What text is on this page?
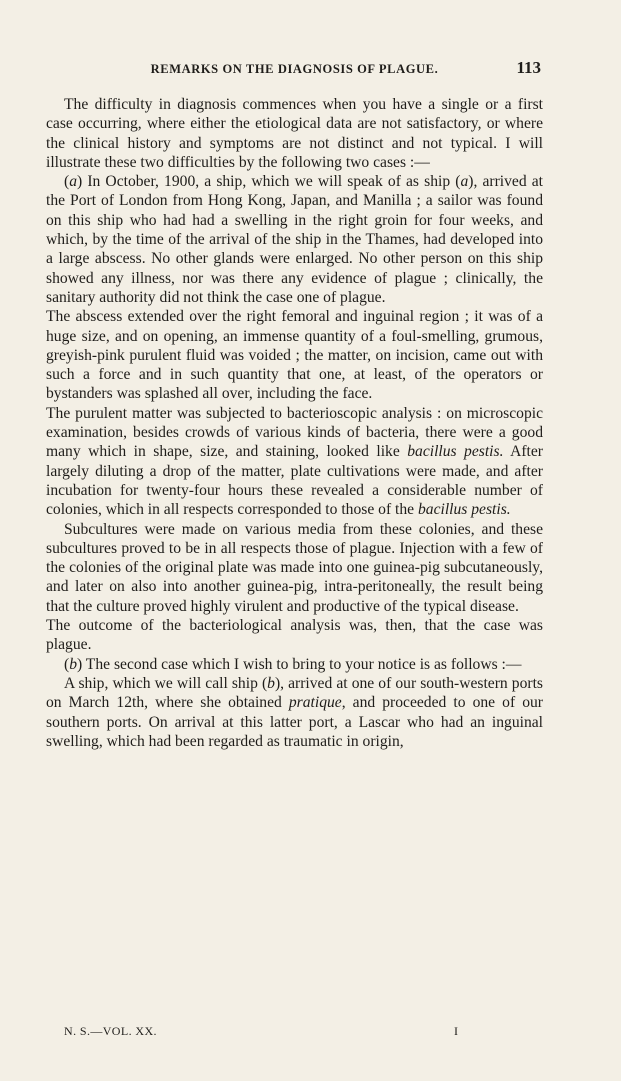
REMARKS ON THE DIAGNOSIS OF PLAGUE.	113

The difficulty in diagnosis commences when you have a single or a first case occurring, where either the etiological data are not satisfactory, or where the clinical history and symptoms are not distinct and not typical. I will illustrate these two difficulties by the following two cases :—

(a) In October, 1900, a ship, which we will speak of as ship (a), arrived at the Port of London from Hong Kong, Japan, and Manilla ; a sailor was found on this ship who had had a swelling in the right groin for four weeks, and which, by the time of the arrival of the ship in the Thames, had developed into a large abscess. No other glands were enlarged. No other person on this ship showed any illness, nor was there any evidence of plague ; clinically, the sanitary authority did not think the case one of plague.

The abscess extended over the right femoral and inguinal region ; it was of a huge size, and on opening, an immense quantity of a foul-smelling, grumous, greyish-pink purulent fluid was voided ; the matter, on incision, came out with such a force and in such quantity that one, at least, of the operators or bystanders was splashed all over, including the face.

The purulent matter was subjected to bacterioscopic analysis : on microscopic examination, besides crowds of various kinds of bacteria, there were a good many which in shape, size, and staining, looked like bacillus pestis. After largely diluting a drop of the matter, plate cultivations were made, and after incubation for twenty-four hours these revealed a considerable number of colonies, which in all respects corresponded to those of the bacillus pestis.

Subcultures were made on various media from these colonies, and these subcultures proved to be in all respects those of plague. Injection with a few of the colonies of the original plate was made into one guinea-pig subcutaneously, and later on also into another guinea-pig, intra-peritoneally, the result being that the culture proved highly virulent and productive of the typical disease.

The outcome of the bacteriological analysis was, then, that the case was plague.

(b) The second case which I wish to bring to your notice is as follows :—

A ship, which we will call ship (b), arrived at one of our south-western ports on March 12th, where she obtained pratique, and proceeded to one of our southern ports. On arrival at this latter port, a Lascar who had an inguinal swelling, which had been regarded as traumatic in origin,

N. S.—VOL. XX.	I
